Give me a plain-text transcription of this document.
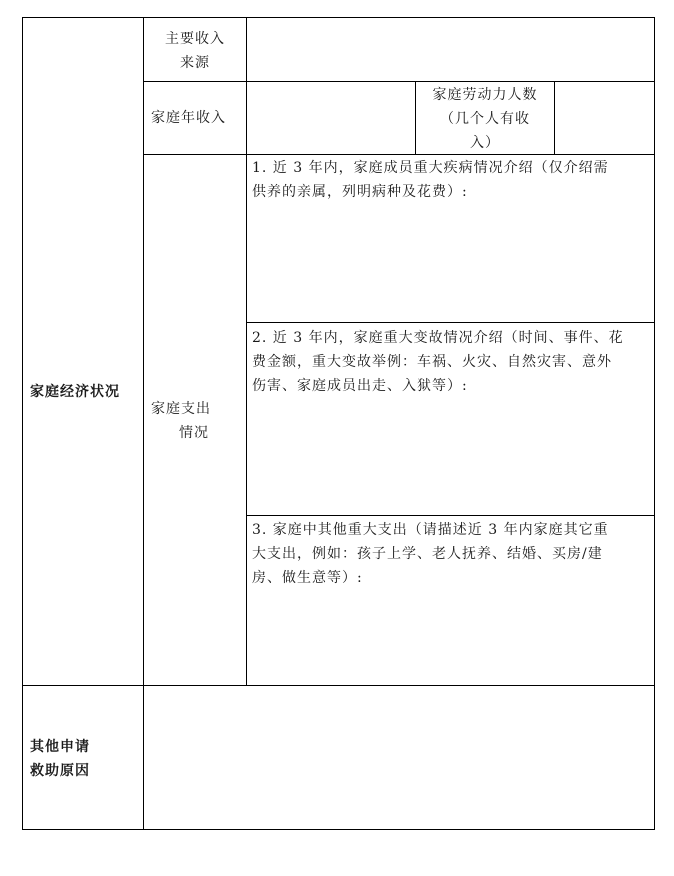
家庭经济状况
主要收入
来源
家庭年收入
家庭劳动力人数
（几个人有收
入）
家庭支出
情况
1. 近 3 年内，家庭成员重大疾病情况介绍（仅介绍需
供养的亲属，列明病种及花费）:
2. 近 3 年内，家庭重大变故情况介绍（时间、事件、花
费金额，重大变故举例：车祸、火灾、自然灾害、意外
伤害、家庭成员出走、入狱等）:
3. 家庭中其他重大支出（请描述近 3 年内家庭其它重
大支出，例如：孩子上学、老人抚养、结婚、买房/建
房、做生意等）:
其他申请
救助原因
